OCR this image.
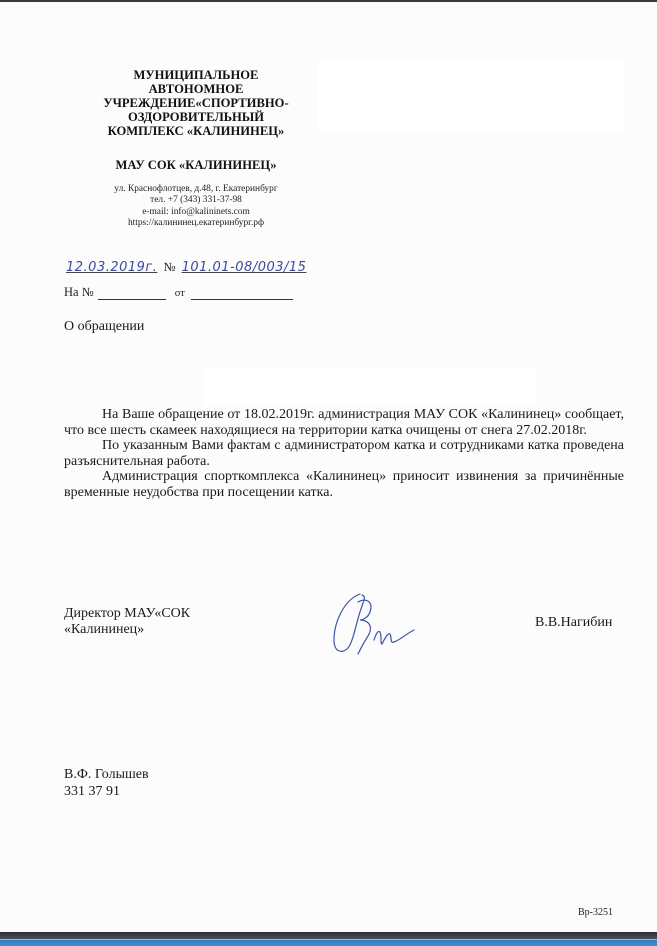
МУНИЦИПАЛЬНОЕ
АВТОНОМНОЕ
УЧРЕЖДЕНИЕ«СПОРТИВНО-
ОЗДОРОВИТЕЛЬНЫЙ
КОМПЛЕКС «КАЛИНИНЕЦ»
МАУ СОК «КАЛИНИНЕЦ»
ул. Краснофлотцев, д.48, г. Екатеринбург
тел. +7 (343) 331-37-98
e-mail: info@kalininets.com
https://калининец.екатеринбург.рф
12.03.2019г. № 101.01-08/003/15
На №	от
О обращении

На Ваше обращение от 18.02.2019г. администрация МАУ СОК «Калининец» сообщает, что все шесть скамеек находящиеся на территории катка очищены от снега 27.02.2018г.

По указанным Вами фактам с администратором катка и сотрудниками катка проведена разъяснительная работа.

Администрация спорткомплекса «Калининец» приносит извинения за причинённые временные неудобства при посещении катка.

Директор МАУ«СОК
«Калининец»	В.В.Нагибин
В.Ф. Голышев
331 37 91
Вр-3251
